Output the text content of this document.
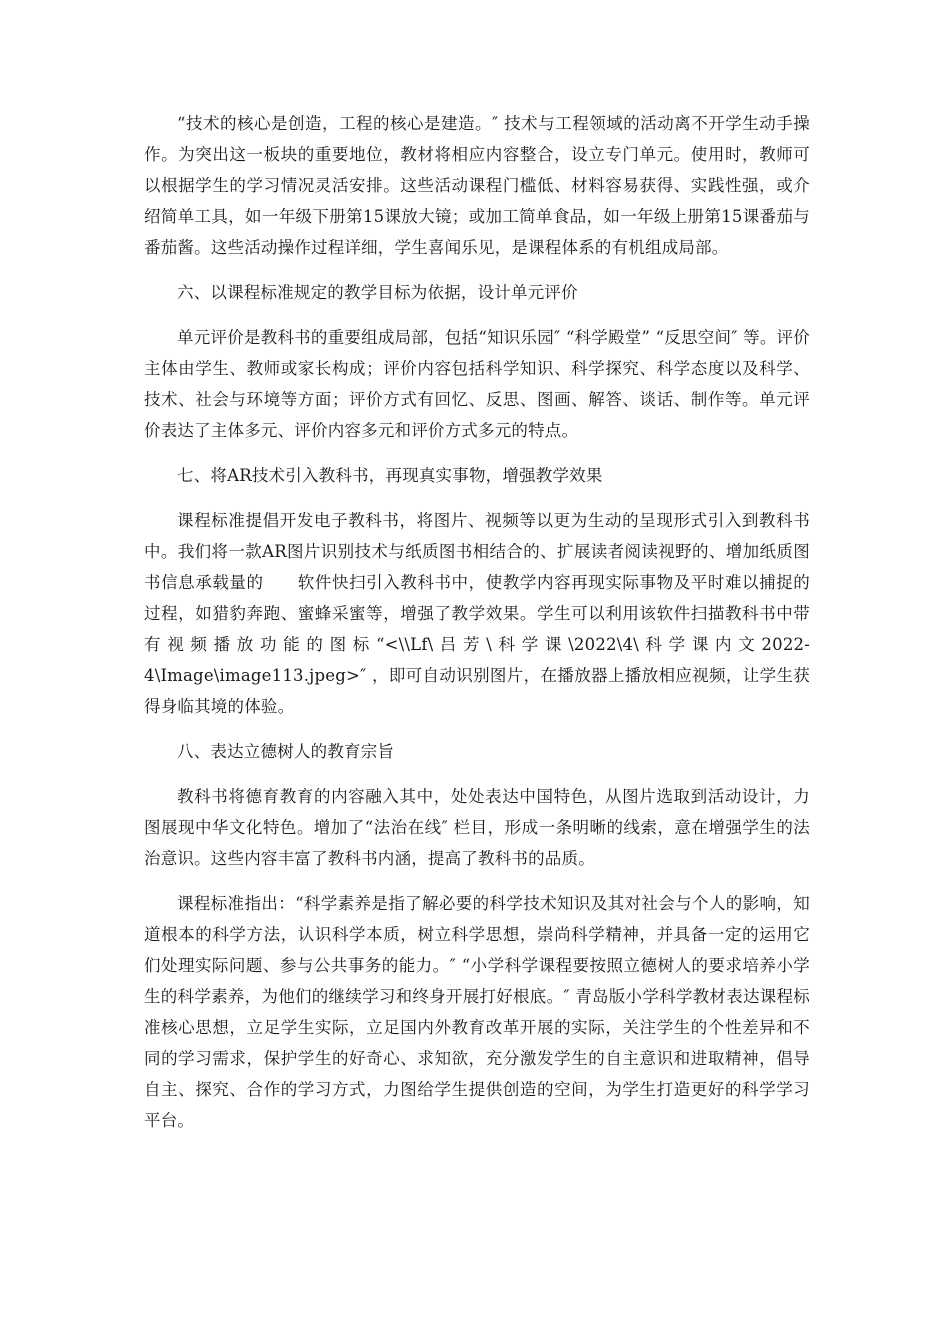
“技术的核心是创造，工程的核心是建造。″ 技术与工程领域的活动离不开学生动手操作。为突出这一板块的重要地位，教材将相应内容整合，设立专门单元。使用时，教师可以根据学生的学习情况灵活安排。这些活动课程门槛低、材料容易获得、实践性强，或介绍简单工具，如一年级下册第15课放大镜；或加工简单食品，如一年级上册第15课番茄与番茄酱。这些活动操作过程详细，学生喜闻乐见，是课程体系的有机组成局部。

六、以课程标准规定的教学目标为依据，设计单元评价

单元评价是教科书的重要组成局部，包括“知识乐园″ “科学殿堂” “反思空间″ 等。评价主体由学生、教师或家长构成；评价内容包括科学知识、科学探究、科学态度以及科学、技术、社会与环境等方面；评价方式有回忆、反思、图画、解答、谈话、制作等。单元评价表达了主体多元、评价内容多元和评价方式多元的特点。

七、将AR技术引入教科书，再现真实事物，增强教学效果

课程标准提倡开发电子教科书，将图片、视频等以更为生动的呈现形式引入到教科书中。我们将一款AR图片识别技术与纸质图书相结合的、扩展读者阅读视野的、增加纸质图书信息承载量的　　软件快扫引入教科书中，使教学内容再现实际事物及平时难以捕捉的过程，如猎豹奔跑、蜜蜂采蜜等，增强了教学效果。学生可以利用该软件扫描教科书中带有视频播放功能的图标“<\\Lf\吕芳\科学课\2022\4\科学课内文2022-4\Image\image113.jpeg>″ ，即可自动识别图片，在播放器上播放相应视频，让学生获得身临其境的体验。

八、表达立德树人的教育宗旨

教科书将德育教育的内容融入其中，处处表达中国特色，从图片选取到活动设计，力图展现中华文化特色。增加了“法治在线″ 栏目，形成一条明晰的线索，意在增强学生的法治意识。这些内容丰富了教科书内涵，提高了教科书的品质。

课程标准指出：“科学素养是指了解必要的科学技术知识及其对社会与个人的影响，知道根本的科学方法，认识科学本质，树立科学思想，崇尚科学精神，并具备一定的运用它们处理实际问题、参与公共事务的能力。″ “小学科学课程要按照立德树人的要求培养小学生的科学素养，为他们的继续学习和终身开展打好根底。″ 青岛版小学科学教材表达课程标准核心思想，立足学生实际，立足国内外教育改革开展的实际，关注学生的个性差异和不同的学习需求，保护学生的好奇心、求知欲，充分激发学生的自主意识和进取精神，倡导自主、探究、合作的学习方式，力图给学生提供创造的空间，为学生打造更好的科学学习平台。
